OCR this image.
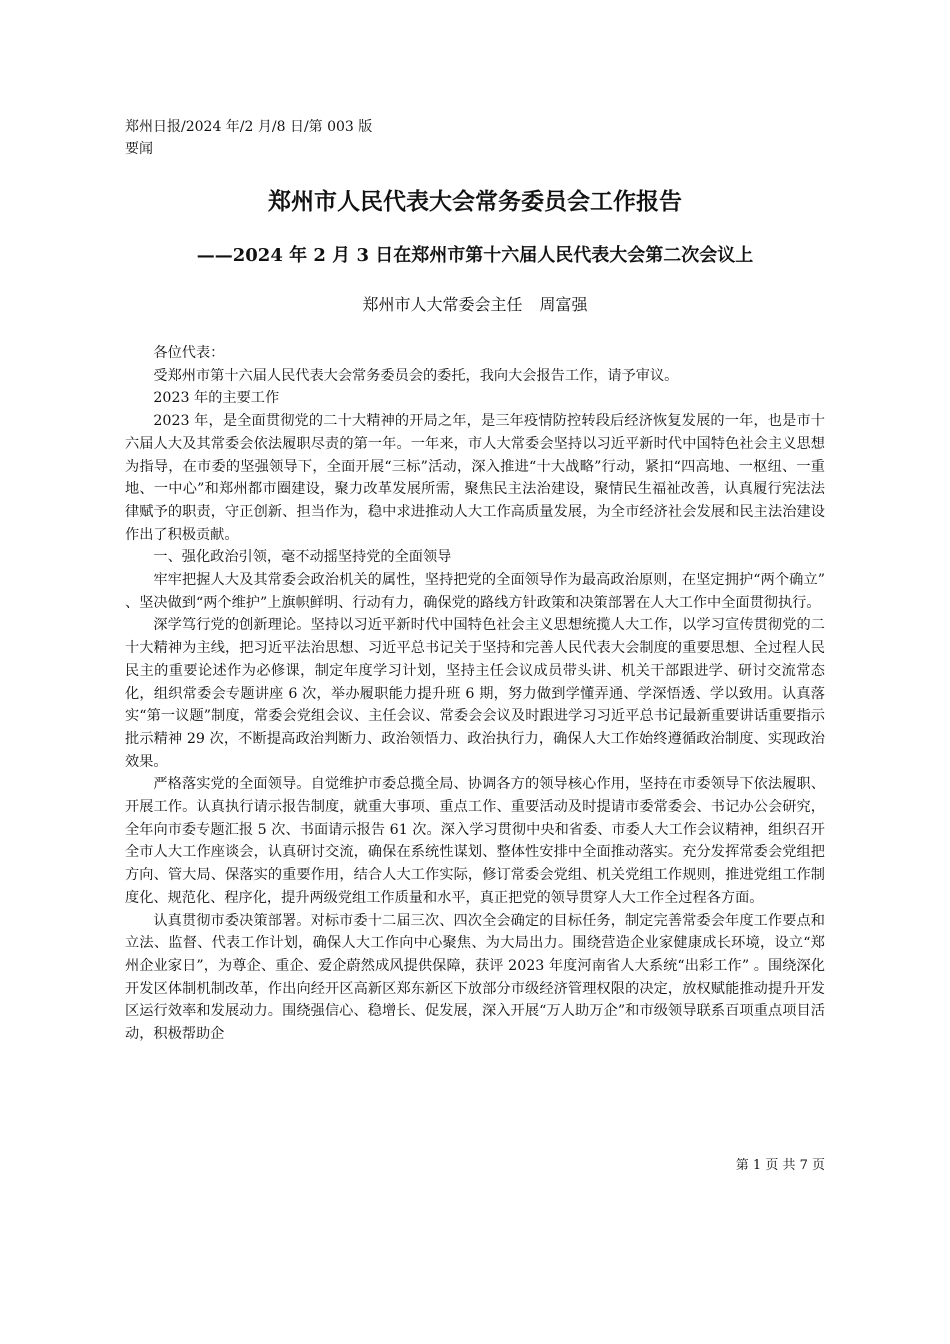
郑州日报/2024 年/2 月/8 日/第 003 版要闻
郑州市人民代表大会常务委员会工作报告
——2024 年 2 月 3 日在郑州市第十六届人民代表大会第二次会议上
郑州市人大常委会主任 周富强

各位代表：

受郑州市第十六届人民代表大会常务委员会的委托，我向大会报告工作，请予审议。

2023 年的主要工作

2023 年，是全面贯彻党的二十大精神的开局之年，是三年疫情防控转段后经济恢复发展的一年，也是市十六届人大及其常委会依法履职尽责的第一年。一年来，市人大常委会坚持以习近平新时代中国特色社会主义思想为指导，在市委的坚强领导下，全面开展“三标”活动，深入推进“十大战略”行动，紧扣“四高地、一枢纽、一重地、一中心”和郑州都市圈建设，聚力改革发展所需，聚焦民主法治建设，聚情民生福祉改善，认真履行宪法法律赋予的职责，守正创新、担当作为，稳中求进推动人大工作高质量发展，为全市经济社会发展和民主法治建设作出了积极贡献。

一、强化政治引领，毫不动摇坚持党的全面领导

牢牢把握人大及其常委会政治机关的属性，坚持把党的全面领导作为最高政治原则，在坚定拥护“两个确立” 、坚决做到“两个维护”上旗帜鲜明、行动有力，确保党的路线方针政策和决策部署在人大工作中全面贯彻执行。

深学笃行党的创新理论。坚持以习近平新时代中国特色社会主义思想统揽人大工作，以学习宣传贯彻党的二十大精神为主线，把习近平法治思想、习近平总书记关于坚持和完善人民代表大会制度的重要思想、全过程人民民主的重要论述作为必修课，制定年度学习计划，坚持主任会议成员带头讲、机关干部跟进学、研讨交流常态化，组织常委会专题讲座 6 次，举办履职能力提升班 6 期，努力做到学懂弄通、学深悟透、学以致用。认真落实“第一议题”制度，常委会党组会议、主任会议、常委会会议及时跟进学习习近平总书记最新重要讲话重要指示批示精神 29 次，不断提高政治判断力、政治领悟力、政治执行力，确保人大工作始终遵循政治制度、实现政治效果。

严格落实党的全面领导。自觉维护市委总揽全局、协调各方的领导核心作用，坚持在市委领导下依法履职、开展工作。认真执行请示报告制度，就重大事项、重点工作、重要活动及时提请市委常委会、书记办公会研究，全年向市委专题汇报 5 次、书面请示报告 61 次。深入学习贯彻中央和省委、市委人大工作会议精神，组织召开全市人大工作座谈会，认真研讨交流，确保在系统性谋划、整体性安排中全面推动落实。充分发挥常委会党组把方向、管大局、保落实的重要作用，结合人大工作实际，修订常委会党组、机关党组工作规则，推进党组工作制度化、规范化、程序化，提升两级党组工作质量和水平，真正把党的领导贯穿人大工作全过程各方面。

认真贯彻市委决策部署。对标市委十二届三次、四次全会确定的目标任务，制定完善常委会年度工作要点和立法、监督、代表工作计划，确保人大工作向中心聚焦、为大局出力。围绕营造企业家健康成长环境，设立“郑州企业家日”，为尊企、重企、爱企蔚然成风提供保障，获评 2023 年度河南省人大系统“出彩工作” 。围绕深化开发区体制机制改革，作出向经开区高新区郑东新区下放部分市级经济管理权限的决定，放权赋能推动提升开发区运行效率和发展动力。围绕强信心、稳增长、促发展，深入开展“万人助万企”和市级领导联系百项重点项目活动，积极帮助企

第 1 页 共 7 页
